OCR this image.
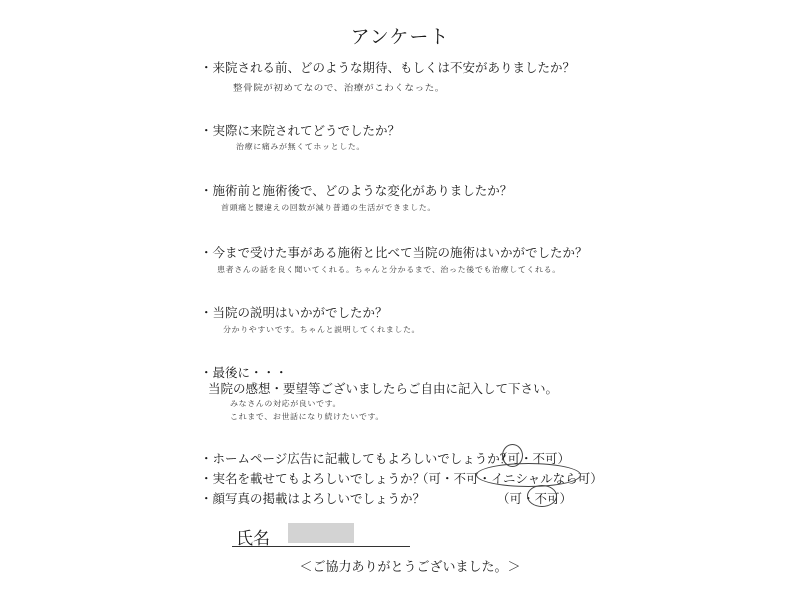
アンケート
・来院される前、どのような期待、もしくは不安がありましたか？
整骨院が初めてなので、治療がこわくなった。
・実際に来院されてどうでしたか？
治療に痛みが無くてホッとした。
・施術前と施術後で、どのような変化がありましたか？
首頭痛と腰違えの回数が減り普通の生活ができました。
・今まで受けた事がある施術と比べて当院の施術はいかがでしたか？
患者さんの話を良く聞いてくれる。ちゃんと分かるまで、治った後でも治療してくれる。
・当院の説明はいかがでしたか？
分かりやすいです。ちゃんと説明してくれました。
・最後に・・・
当院の感想・要望等ございましたらご自由に記入して下さい。
みなさんの対応が良いです。
これまで、お世話になり続けたいです。
・ホームページ広告に記載してもよろしいでしょうか？
（可・不可）
・実名を載せてもよろしいでしょうか？
（可・不可・イニシャルなら可）
・顔写真の掲載はよろしいでしょうか？	（可・不可）
氏名
＜ご協力ありがとうございました。＞
